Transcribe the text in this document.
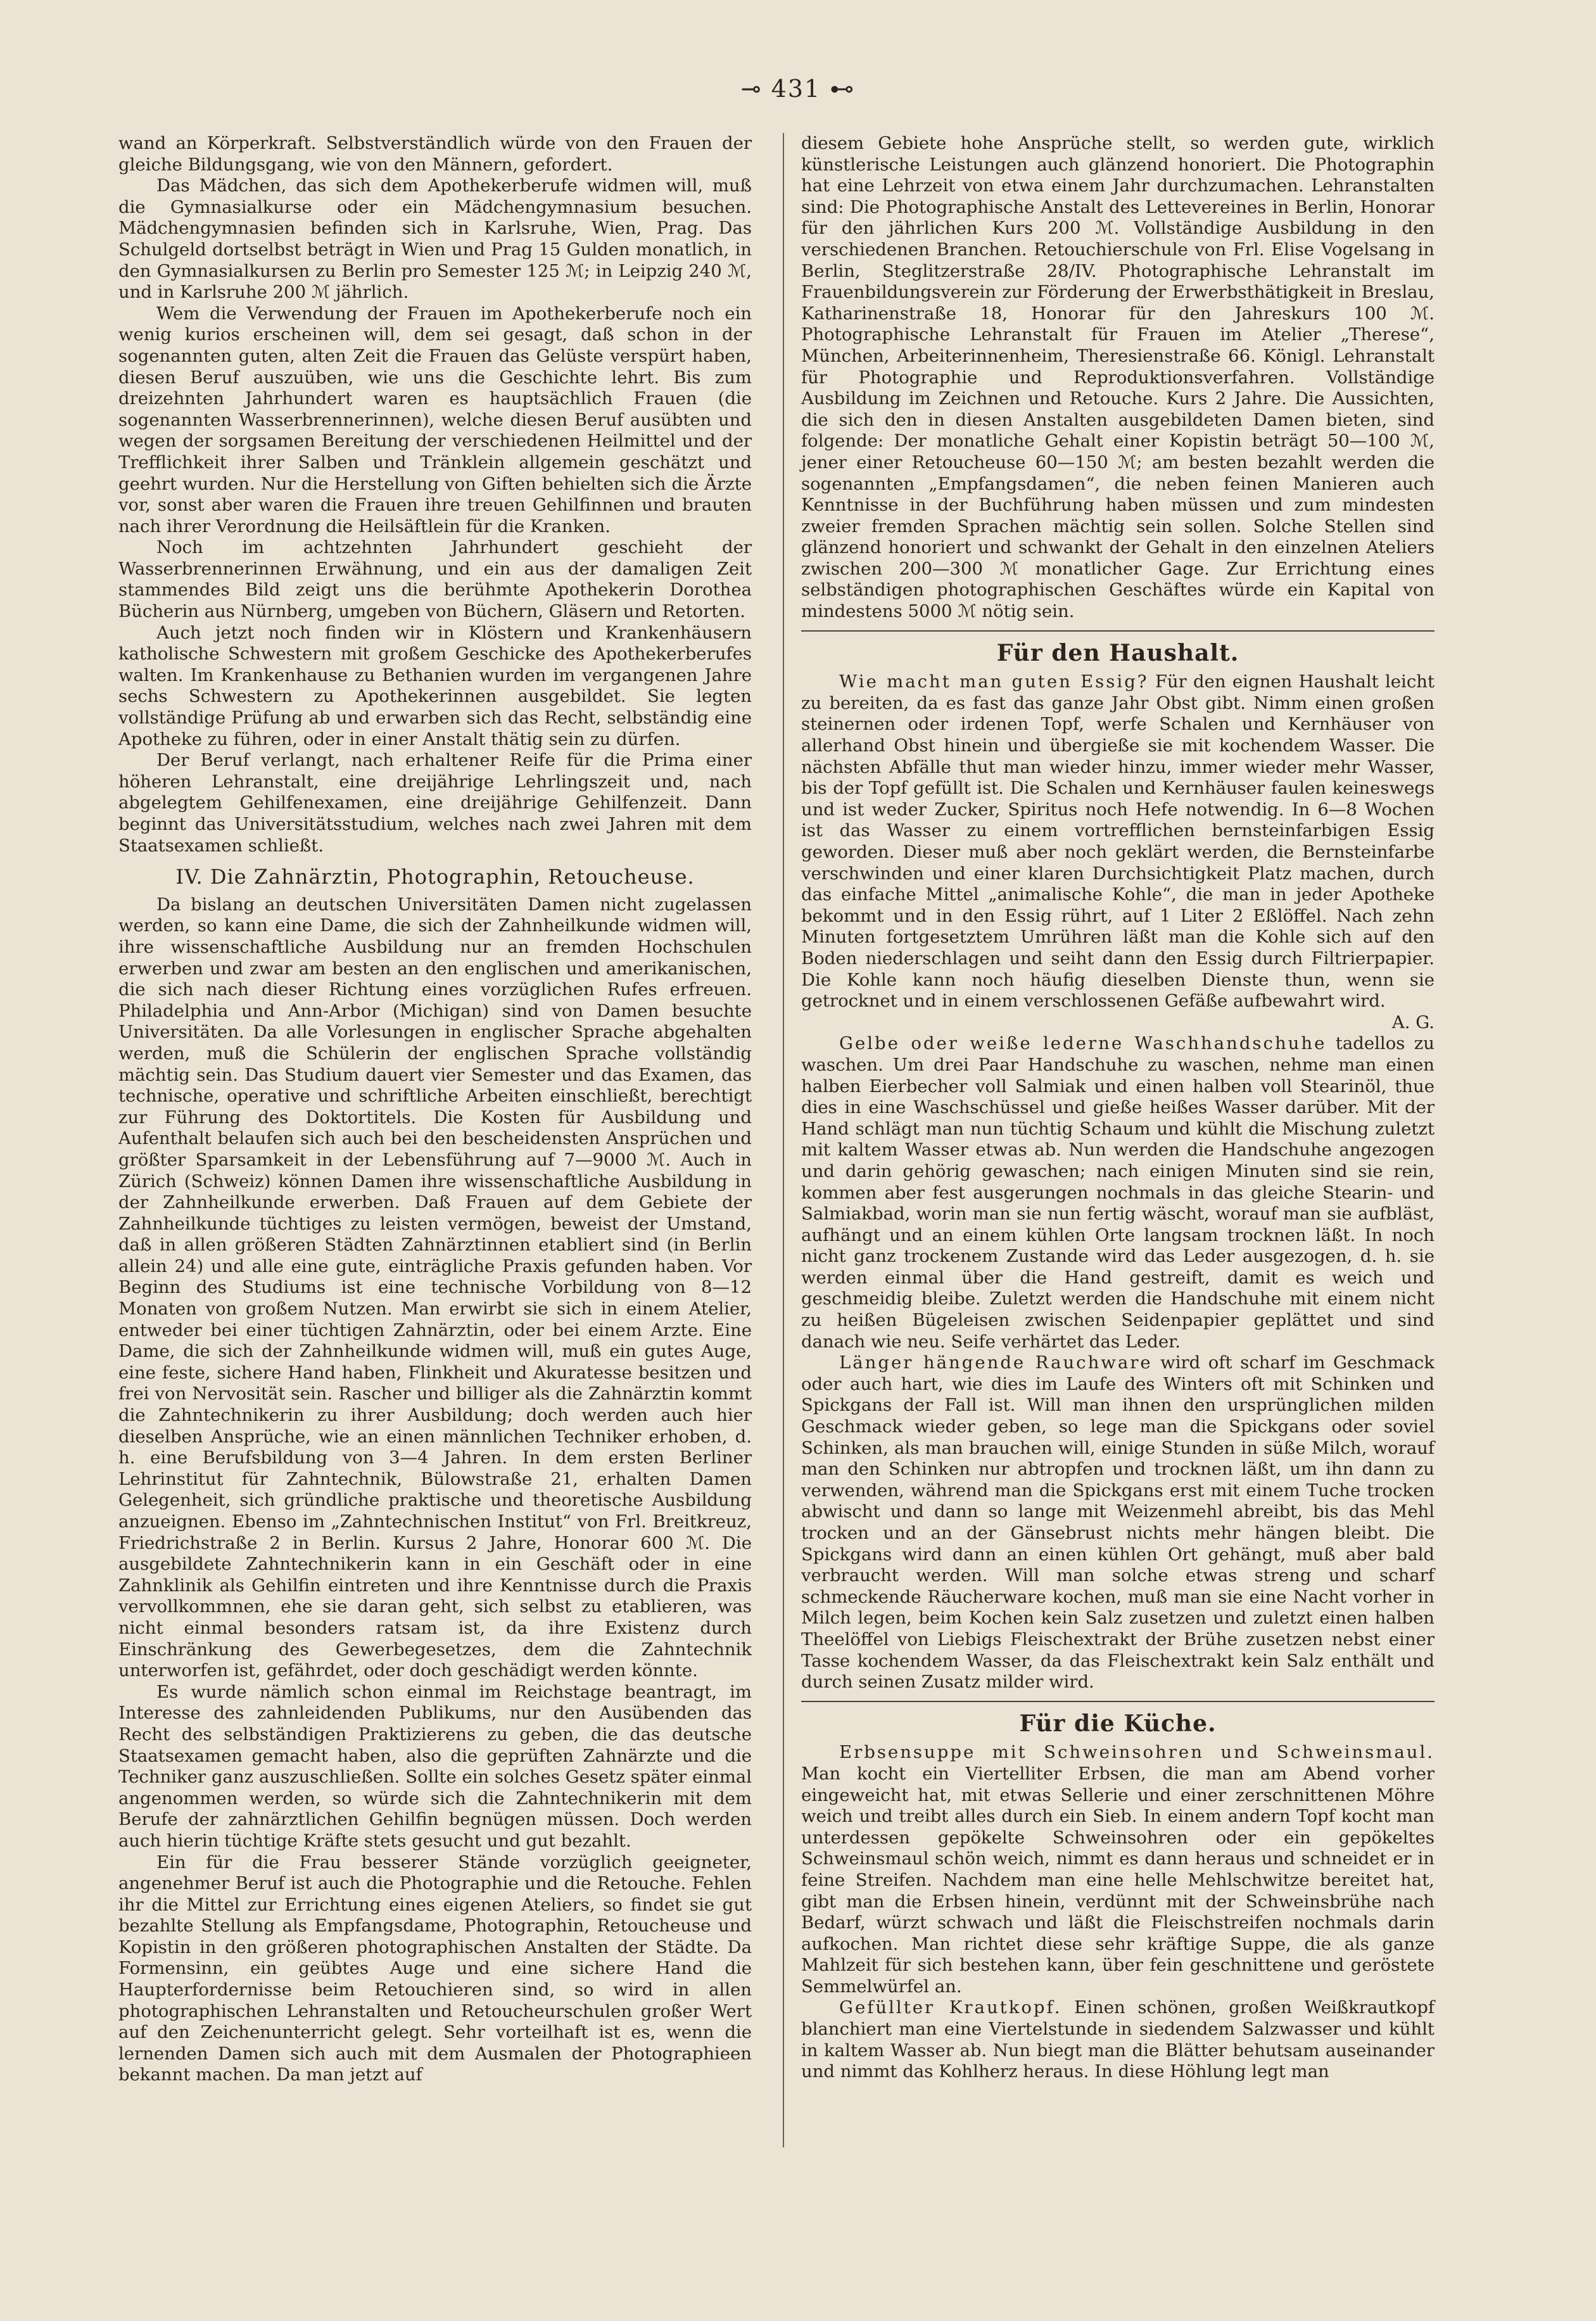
⊸ 431 ⊷

wand an Körperkraft. Selbstverständlich würde von den Frauen der gleiche Bildungsgang, wie von den Männern, gefordert.

Das Mädchen, das sich dem Apothekerberufe widmen will, muß die Gymnasialkurse oder ein Mädchengymnasium besuchen. Mädchengymnasien befinden sich in Karlsruhe, Wien, Prag. Das Schulgeld dortselbst beträgt in Wien und Prag 15 Gulden monatlich, in den Gymnasialkursen zu Berlin pro Semester 125 ℳ; in Leipzig 240 ℳ, und in Karlsruhe 200 ℳ jährlich.

Wem die Verwendung der Frauen im Apothekerberufe noch ein wenig kurios erscheinen will, dem sei gesagt, daß schon in der sogenannten guten, alten Zeit die Frauen das Gelüste verspürt haben, diesen Beruf auszuüben, wie uns die Geschichte lehrt. Bis zum dreizehnten Jahrhundert waren es hauptsächlich Frauen (die sogenannten Wasserbrennerinnen), welche diesen Beruf ausübten und wegen der sorgsamen Bereitung der verschiedenen Heilmittel und der Trefflichkeit ihrer Salben und Tränklein allgemein geschätzt und geehrt wurden. Nur die Herstellung von Giften behielten sich die Ärzte vor, sonst aber waren die Frauen ihre treuen Gehilfinnen und brauten nach ihrer Verordnung die Heilsäftlein für die Kranken.

Noch im achtzehnten Jahrhundert geschieht der Wasserbrennerinnen Erwähnung, und ein aus der damaligen Zeit stammendes Bild zeigt uns die berühmte Apothekerin Dorothea Bücherin aus Nürnberg, umgeben von Büchern, Gläsern und Retorten.

Auch jetzt noch finden wir in Klöstern und Krankenhäusern katholische Schwestern mit großem Geschicke des Apothekerberufes walten. Im Krankenhause zu Bethanien wurden im vergangenen Jahre sechs Schwestern zu Apothekerinnen ausgebildet. Sie legten vollständige Prüfung ab und erwarben sich das Recht, selbständig eine Apotheke zu führen, oder in einer Anstalt thätig sein zu dürfen.

Der Beruf verlangt, nach erhaltener Reife für die Prima einer höheren Lehranstalt, eine dreijährige Lehrlingszeit und, nach abgelegtem Gehilfenexamen, eine dreijährige Gehilfenzeit. Dann beginnt das Universitätsstudium, welches nach zwei Jahren mit dem Staatsexamen schließt.

IV. Die Zahnärztin, Photographin, Retoucheuse.

Da bislang an deutschen Universitäten Damen nicht zugelassen werden, so kann eine Dame, die sich der Zahnheilkunde widmen will, ihre wissenschaftliche Ausbildung nur an fremden Hochschulen erwerben und zwar am besten an den englischen und amerikanischen, die sich nach dieser Richtung eines vorzüglichen Rufes erfreuen. Philadelphia und Ann-Arbor (Michigan) sind von Damen besuchte Universitäten. Da alle Vorlesungen in englischer Sprache abgehalten werden, muß die Schülerin der englischen Sprache vollständig mächtig sein. Das Studium dauert vier Semester und das Examen, das technische, operative und schriftliche Arbeiten einschließt, berechtigt zur Führung des Doktortitels. Die Kosten für Ausbildung und Aufenthalt belaufen sich auch bei den bescheidensten Ansprüchen und größter Sparsamkeit in der Lebensführung auf 7—9000 ℳ. Auch in Zürich (Schweiz) können Damen ihre wissenschaftliche Ausbildung in der Zahnheilkunde erwerben. Daß Frauen auf dem Gebiete der Zahnheilkunde tüchtiges zu leisten vermögen, beweist der Umstand, daß in allen größeren Städten Zahnärztinnen etabliert sind (in Berlin allein 24) und alle eine gute, einträgliche Praxis gefunden haben. Vor Beginn des Studiums ist eine technische Vorbildung von 8—12 Monaten von großem Nutzen. Man erwirbt sie sich in einem Atelier, entweder bei einer tüchtigen Zahnärztin, oder bei einem Arzte. Eine Dame, die sich der Zahnheilkunde widmen will, muß ein gutes Auge, eine feste, sichere Hand haben, Flinkheit und Akuratesse besitzen und frei von Nervosität sein. Rascher und billiger als die Zahnärztin kommt die Zahntechnikerin zu ihrer Ausbildung; doch werden auch hier dieselben Ansprüche, wie an einen männlichen Techniker erhoben, d. h. eine Berufsbildung von 3—4 Jahren. In dem ersten Berliner Lehrinstitut für Zahntechnik, Bülowstraße 21, erhalten Damen Gelegenheit, sich gründliche praktische und theoretische Ausbildung anzueignen. Ebenso im „Zahntechnischen Institut“ von Frl. Breitkreuz, Friedrichstraße 2 in Berlin. Kursus 2 Jahre, Honorar 600 ℳ. Die ausgebildete Zahntechnikerin kann in ein Geschäft oder in eine Zahnklinik als Gehilfin eintreten und ihre Kenntnisse durch die Praxis vervollkommnen, ehe sie daran geht, sich selbst zu etablieren, was nicht einmal besonders ratsam ist, da ihre Existenz durch Einschränkung des Gewerbegesetzes, dem die Zahntechnik unterworfen ist, gefährdet, oder doch geschädigt werden könnte.

Es wurde nämlich schon einmal im Reichstage beantragt, im Interesse des zahnleidenden Publikums, nur den Ausübenden das Recht des selbständigen Praktizierens zu geben, die das deutsche Staatsexamen gemacht haben, also die geprüften Zahnärzte und die Techniker ganz auszuschließen. Sollte ein solches Gesetz später einmal angenommen werden, so würde sich die Zahntechnikerin mit dem Berufe der zahnärztlichen Gehilfin begnügen müssen. Doch werden auch hierin tüchtige Kräfte stets gesucht und gut bezahlt.

Ein für die Frau besserer Stände vorzüglich geeigneter, angenehmer Beruf ist auch die Photographie und die Retouche. Fehlen ihr die Mittel zur Errichtung eines eigenen Ateliers, so findet sie gut bezahlte Stellung als Empfangsdame, Photographin, Retoucheuse und Kopistin in den größeren photographischen Anstalten der Städte. Da Formensinn, ein geübtes Auge und eine sichere Hand die Haupterfordernisse beim Retouchieren sind, so wird in allen photographischen Lehranstalten und Retoucheurschulen großer Wert auf den Zeichenunterricht gelegt. Sehr vorteilhaft ist es, wenn die lernenden Damen sich auch mit dem Ausmalen der Photographieen bekannt machen. Da man jetzt auf

diesem Gebiete hohe Ansprüche stellt, so werden gute, wirklich künstlerische Leistungen auch glänzend honoriert. Die Photographin hat eine Lehrzeit von etwa einem Jahr durchzumachen. Lehranstalten sind: Die Photographische Anstalt des Lettevereines in Berlin, Honorar für den jährlichen Kurs 200 ℳ. Vollständige Ausbildung in den verschiedenen Branchen. Retouchierschule von Frl. Elise Vogelsang in Berlin, Steglitzerstraße 28/IV. Photographische Lehranstalt im Frauenbildungsverein zur Förderung der Erwerbsthätigkeit in Breslau, Katharinenstraße 18, Honorar für den Jahreskurs 100 ℳ. Photographische Lehranstalt für Frauen im Atelier „Therese“, München, Arbeiterinnenheim, Theresienstraße 66. Königl. Lehranstalt für Photographie und Reproduktionsverfahren. Vollständige Ausbildung im Zeichnen und Retouche. Kurs 2 Jahre. Die Aussichten, die sich den in diesen Anstalten ausgebildeten Damen bieten, sind folgende: Der monatliche Gehalt einer Kopistin beträgt 50—100 ℳ, jener einer Retoucheuse 60—150 ℳ; am besten bezahlt werden die sogenannten „Empfangsdamen“, die neben feinen Manieren auch Kenntnisse in der Buchführung haben müssen und zum mindesten zweier fremden Sprachen mächtig sein sollen. Solche Stellen sind glänzend honoriert und schwankt der Gehalt in den einzelnen Ateliers zwischen 200—300 ℳ monatlicher Gage. Zur Errichtung eines selbständigen photographischen Geschäftes würde ein Kapital von mindestens 5000 ℳ nötig sein.

Für den Haushalt.

Wie macht man guten Essig? Für den eignen Haushalt leicht zu bereiten, da es fast das ganze Jahr Obst gibt. Nimm einen großen steinernen oder irdenen Topf, werfe Schalen und Kernhäuser von allerhand Obst hinein und übergieße sie mit kochendem Wasser. Die nächsten Abfälle thut man wieder hinzu, immer wieder mehr Wasser, bis der Topf gefüllt ist. Die Schalen und Kernhäuser faulen keineswegs und ist weder Zucker, Spiritus noch Hefe notwendig. In 6—8 Wochen ist das Wasser zu einem vortrefflichen bernsteinfarbigen Essig geworden. Dieser muß aber noch geklärt werden, die Bernsteinfarbe verschwinden und einer klaren Durchsichtigkeit Platz machen, durch das einfache Mittel „animalische Kohle“, die man in jeder Apotheke bekommt und in den Essig rührt, auf 1 Liter 2 Eßlöffel. Nach zehn Minuten fortgesetztem Umrühren läßt man die Kohle sich auf den Boden niederschlagen und seiht dann den Essig durch Filtrierpapier. Die Kohle kann noch häufig dieselben Dienste thun, wenn sie getrocknet und in einem verschlossenen Gefäße aufbewahrt wird.

A. G.

Gelbe oder weiße lederne Waschhandschuhe tadellos zu waschen. Um drei Paar Handschuhe zu waschen, nehme man einen halben Eierbecher voll Salmiak und einen halben voll Stearinöl, thue dies in eine Waschschüssel und gieße heißes Wasser darüber. Mit der Hand schlägt man nun tüchtig Schaum und kühlt die Mischung zuletzt mit kaltem Wasser etwas ab. Nun werden die Handschuhe angezogen und darin gehörig gewaschen; nach einigen Minuten sind sie rein, kommen aber fest ausgerungen nochmals in das gleiche Stearin- und Salmiakbad, worin man sie nun fertig wäscht, worauf man sie aufbläst, aufhängt und an einem kühlen Orte langsam trocknen läßt. In noch nicht ganz trockenem Zustande wird das Leder ausgezogen, d. h. sie werden einmal über die Hand gestreift, damit es weich und geschmeidig bleibe. Zuletzt werden die Handschuhe mit einem nicht zu heißen Bügeleisen zwischen Seidenpapier geplättet und sind danach wie neu. Seife verhärtet das Leder.

Länger hängende Rauchware wird oft scharf im Geschmack oder auch hart, wie dies im Laufe des Winters oft mit Schinken und Spickgans der Fall ist. Will man ihnen den ursprünglichen milden Geschmack wieder geben, so lege man die Spickgans oder soviel Schinken, als man brauchen will, einige Stunden in süße Milch, worauf man den Schinken nur abtropfen und trocknen läßt, um ihn dann zu verwenden, während man die Spickgans erst mit einem Tuche trocken abwischt und dann so lange mit Weizenmehl abreibt, bis das Mehl trocken und an der Gänsebrust nichts mehr hängen bleibt. Die Spickgans wird dann an einen kühlen Ort gehängt, muß aber bald verbraucht werden. Will man solche etwas streng und scharf schmeckende Räucherware kochen, muß man sie eine Nacht vorher in Milch legen, beim Kochen kein Salz zusetzen und zuletzt einen halben Theelöffel von Liebigs Fleischextrakt der Brühe zusetzen nebst einer Tasse kochendem Wasser, da das Fleischextrakt kein Salz enthält und durch seinen Zusatz milder wird.

Für die Küche.

Erbsensuppe mit Schweinsohren und Schweinsmaul. Man kocht ein Viertelliter Erbsen, die man am Abend vorher eingeweicht hat, mit etwas Sellerie und einer zerschnittenen Möhre weich und treibt alles durch ein Sieb. In einem andern Topf kocht man unterdessen gepökelte Schweinsohren oder ein gepökeltes Schweinsmaul schön weich, nimmt es dann heraus und schneidet er in feine Streifen. Nachdem man eine helle Mehlschwitze bereitet hat, gibt man die Erbsen hinein, verdünnt mit der Schweinsbrühe nach Bedarf, würzt schwach und läßt die Fleischstreifen nochmals darin aufkochen. Man richtet diese sehr kräftige Suppe, die als ganze Mahlzeit für sich bestehen kann, über fein geschnittene und geröstete Semmelwürfel an.

Gefüllter Krautkopf. Einen schönen, großen Weißkrautkopf blanchiert man eine Viertelstunde in siedendem Salzwasser und kühlt in kaltem Wasser ab. Nun biegt man die Blätter behutsam auseinander und nimmt das Kohlherz heraus. In diese Höhlung legt man
